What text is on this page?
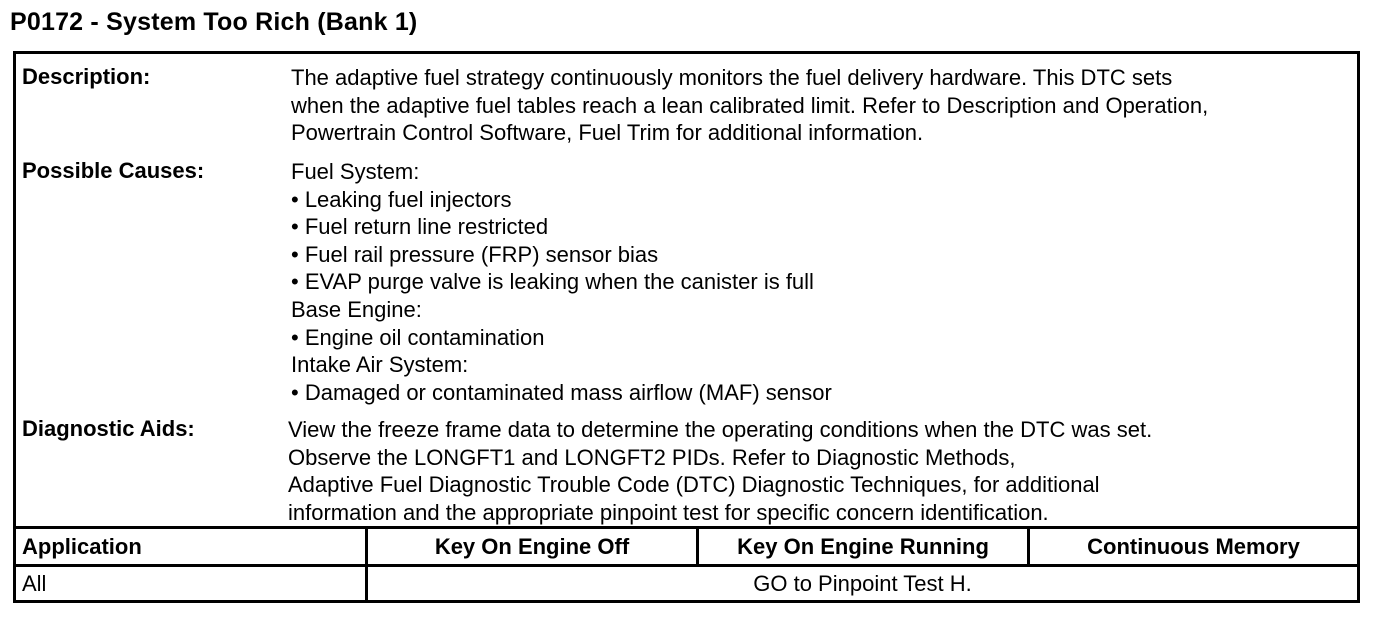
P0172 - System Too Rich (Bank 1)
Description:	The adaptive fuel strategy continuously monitors the fuel delivery hardware. This DTC sets
when the adaptive fuel tables reach a lean calibrated limit. Refer to Description and Operation,
Powertrain Control Software, Fuel Trim for additional information.
Possible Causes:	Fuel System:
• Leaking fuel injectors
• Fuel return line restricted
• Fuel rail pressure (FRP) sensor bias
• EVAP purge valve is leaking when the canister is full
Base Engine:
• Engine oil contamination
Intake Air System:
• Damaged or contaminated mass airflow (MAF) sensor
Diagnostic Aids:	View the freeze frame data to determine the operating conditions when the DTC was set.
Observe the LONGFT1 and LONGFT2 PIDs. Refer to Diagnostic Methods,
Adaptive Fuel Diagnostic Trouble Code (DTC) Diagnostic Techniques, for additional
information and the appropriate pinpoint test for specific concern identification.
Application	Key On Engine Off	Key On Engine Running	Continuous Memory
All	GO to Pinpoint Test H.		
